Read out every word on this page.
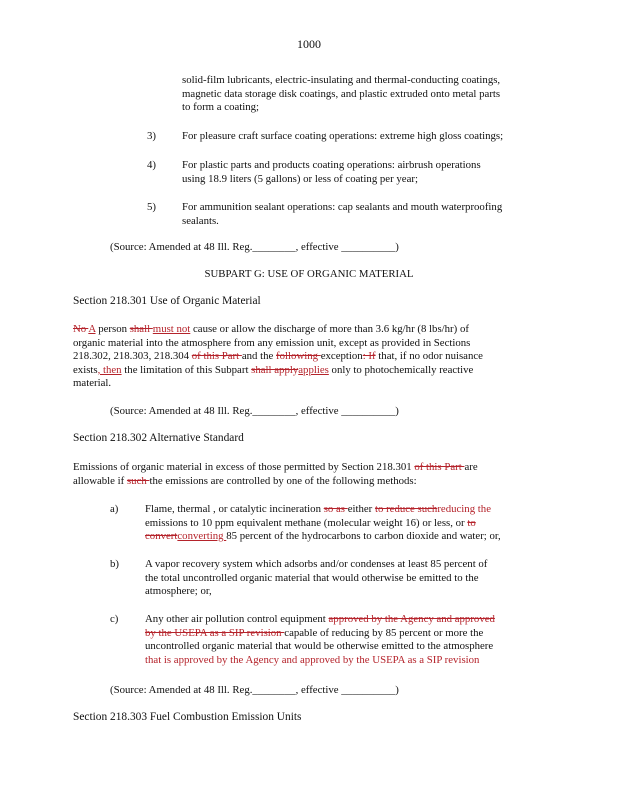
1000
solid-film lubricants, electric-insulating and thermal-conducting coatings,
magnetic data storage disk coatings, and plastic extruded onto metal parts
to form a coating;
3) For pleasure craft surface coating operations: extreme high gloss coatings;
4) For plastic parts and products coating operations: airbrush operations
using 18.9 liters (5 gallons) or less of coating per year;
5) For ammunition sealant operations: cap sealants and mouth waterproofing
sealants.
(Source: Amended at 48 Ill. Reg.________, effective __________)
SUBPART G: USE OF ORGANIC MATERIAL
Section 218.301 Use of Organic Material
No A person shall must not cause or allow the discharge of more than 3.6 kg/hr (8 lbs/hr) of
organic material into the atmosphere from any emission unit, except as provided in Sections
218.302, 218.303, 218.304 of this Part and the following exception: If that, if no odor nuisance
exists, then the limitation of this Subpart shall applyapplies only to photochemically reactive
material.
(Source: Amended at 48 Ill. Reg.________, effective __________)
Section 218.302 Alternative Standard
Emissions of organic material in excess of those permitted by Section 218.301 of this Part are
allowable if such the emissions are controlled by one of the following methods:
a) Flame, thermal , or catalytic incineration so as either to reduce suchreducing the
emissions to 10 ppm equivalent methane (molecular weight 16) or less, or to
convertconverting 85 percent of the hydrocarbons to carbon dioxide and water; or,
b) A vapor recovery system which adsorbs and/or condenses at least 85 percent of
the total uncontrolled organic material that would otherwise be emitted to the
atmosphere; or,
c) Any other air pollution control equipment approved by the Agency and approved
by the USEPA as a SIP revision capable of reducing by 85 percent or more the
uncontrolled organic material that would be otherwise emitted to the atmosphere
that is approved by the Agency and approved by the USEPA as a SIP revision
(Source: Amended at 48 Ill. Reg.________, effective __________)
Section 218.303 Fuel Combustion Emission Units
